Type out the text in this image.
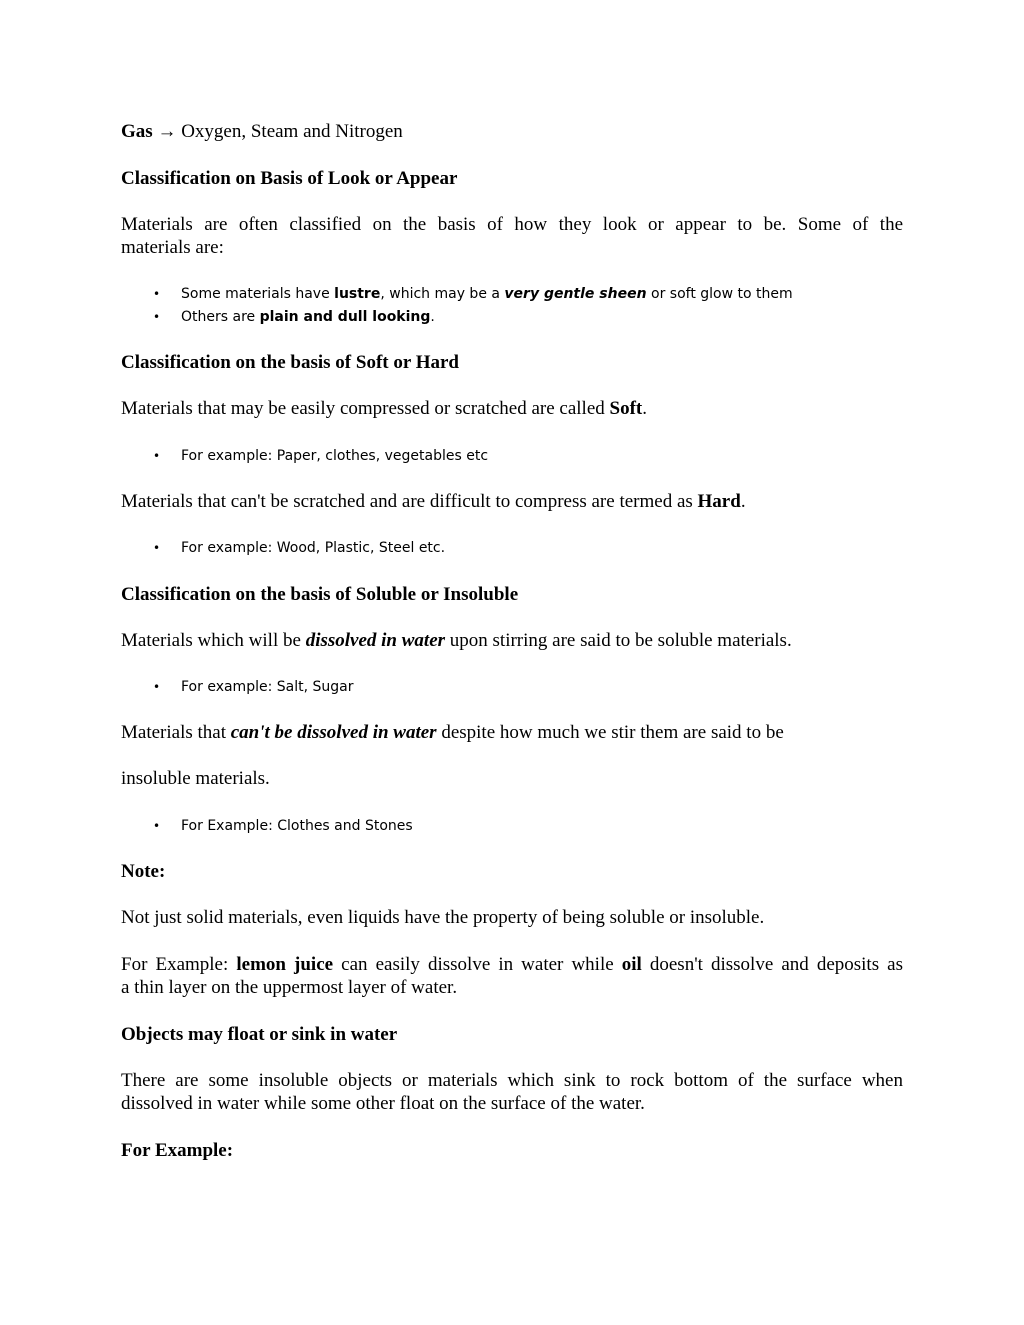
Gas → Oxygen, Steam and Nitrogen

Classification on Basis of Look or Appear

Materials are often classified on the basis of how they look or appear to be. Some of the

materials are:

• Some materials have lustre, which may be a very gentle sheen or soft glow to them

• Others are plain and dull looking.

Classification on the basis of Soft or Hard

Materials that may be easily compressed or scratched are called Soft.

• For example: Paper, clothes, vegetables etc

Materials that can't be scratched and are difficult to compress are termed as Hard.

• For example: Wood, Plastic, Steel etc.

Classification on the basis of Soluble or Insoluble

Materials which will be dissolved in water upon stirring are said to be soluble materials.

• For example: Salt, Sugar

Materials that can't be dissolved in water despite how much we stir them are said to be

insoluble materials.

• For Example: Clothes and Stones

Note:

Not just solid materials, even liquids have the property of being soluble or insoluble.

For Example: lemon juice can easily dissolve in water while oil doesn't dissolve and deposits as

a thin layer on the uppermost layer of water.

Objects may float or sink in water

There are some insoluble objects or materials which sink to rock bottom of the surface when

dissolved in water while some other float on the surface of the water.

For Example:
